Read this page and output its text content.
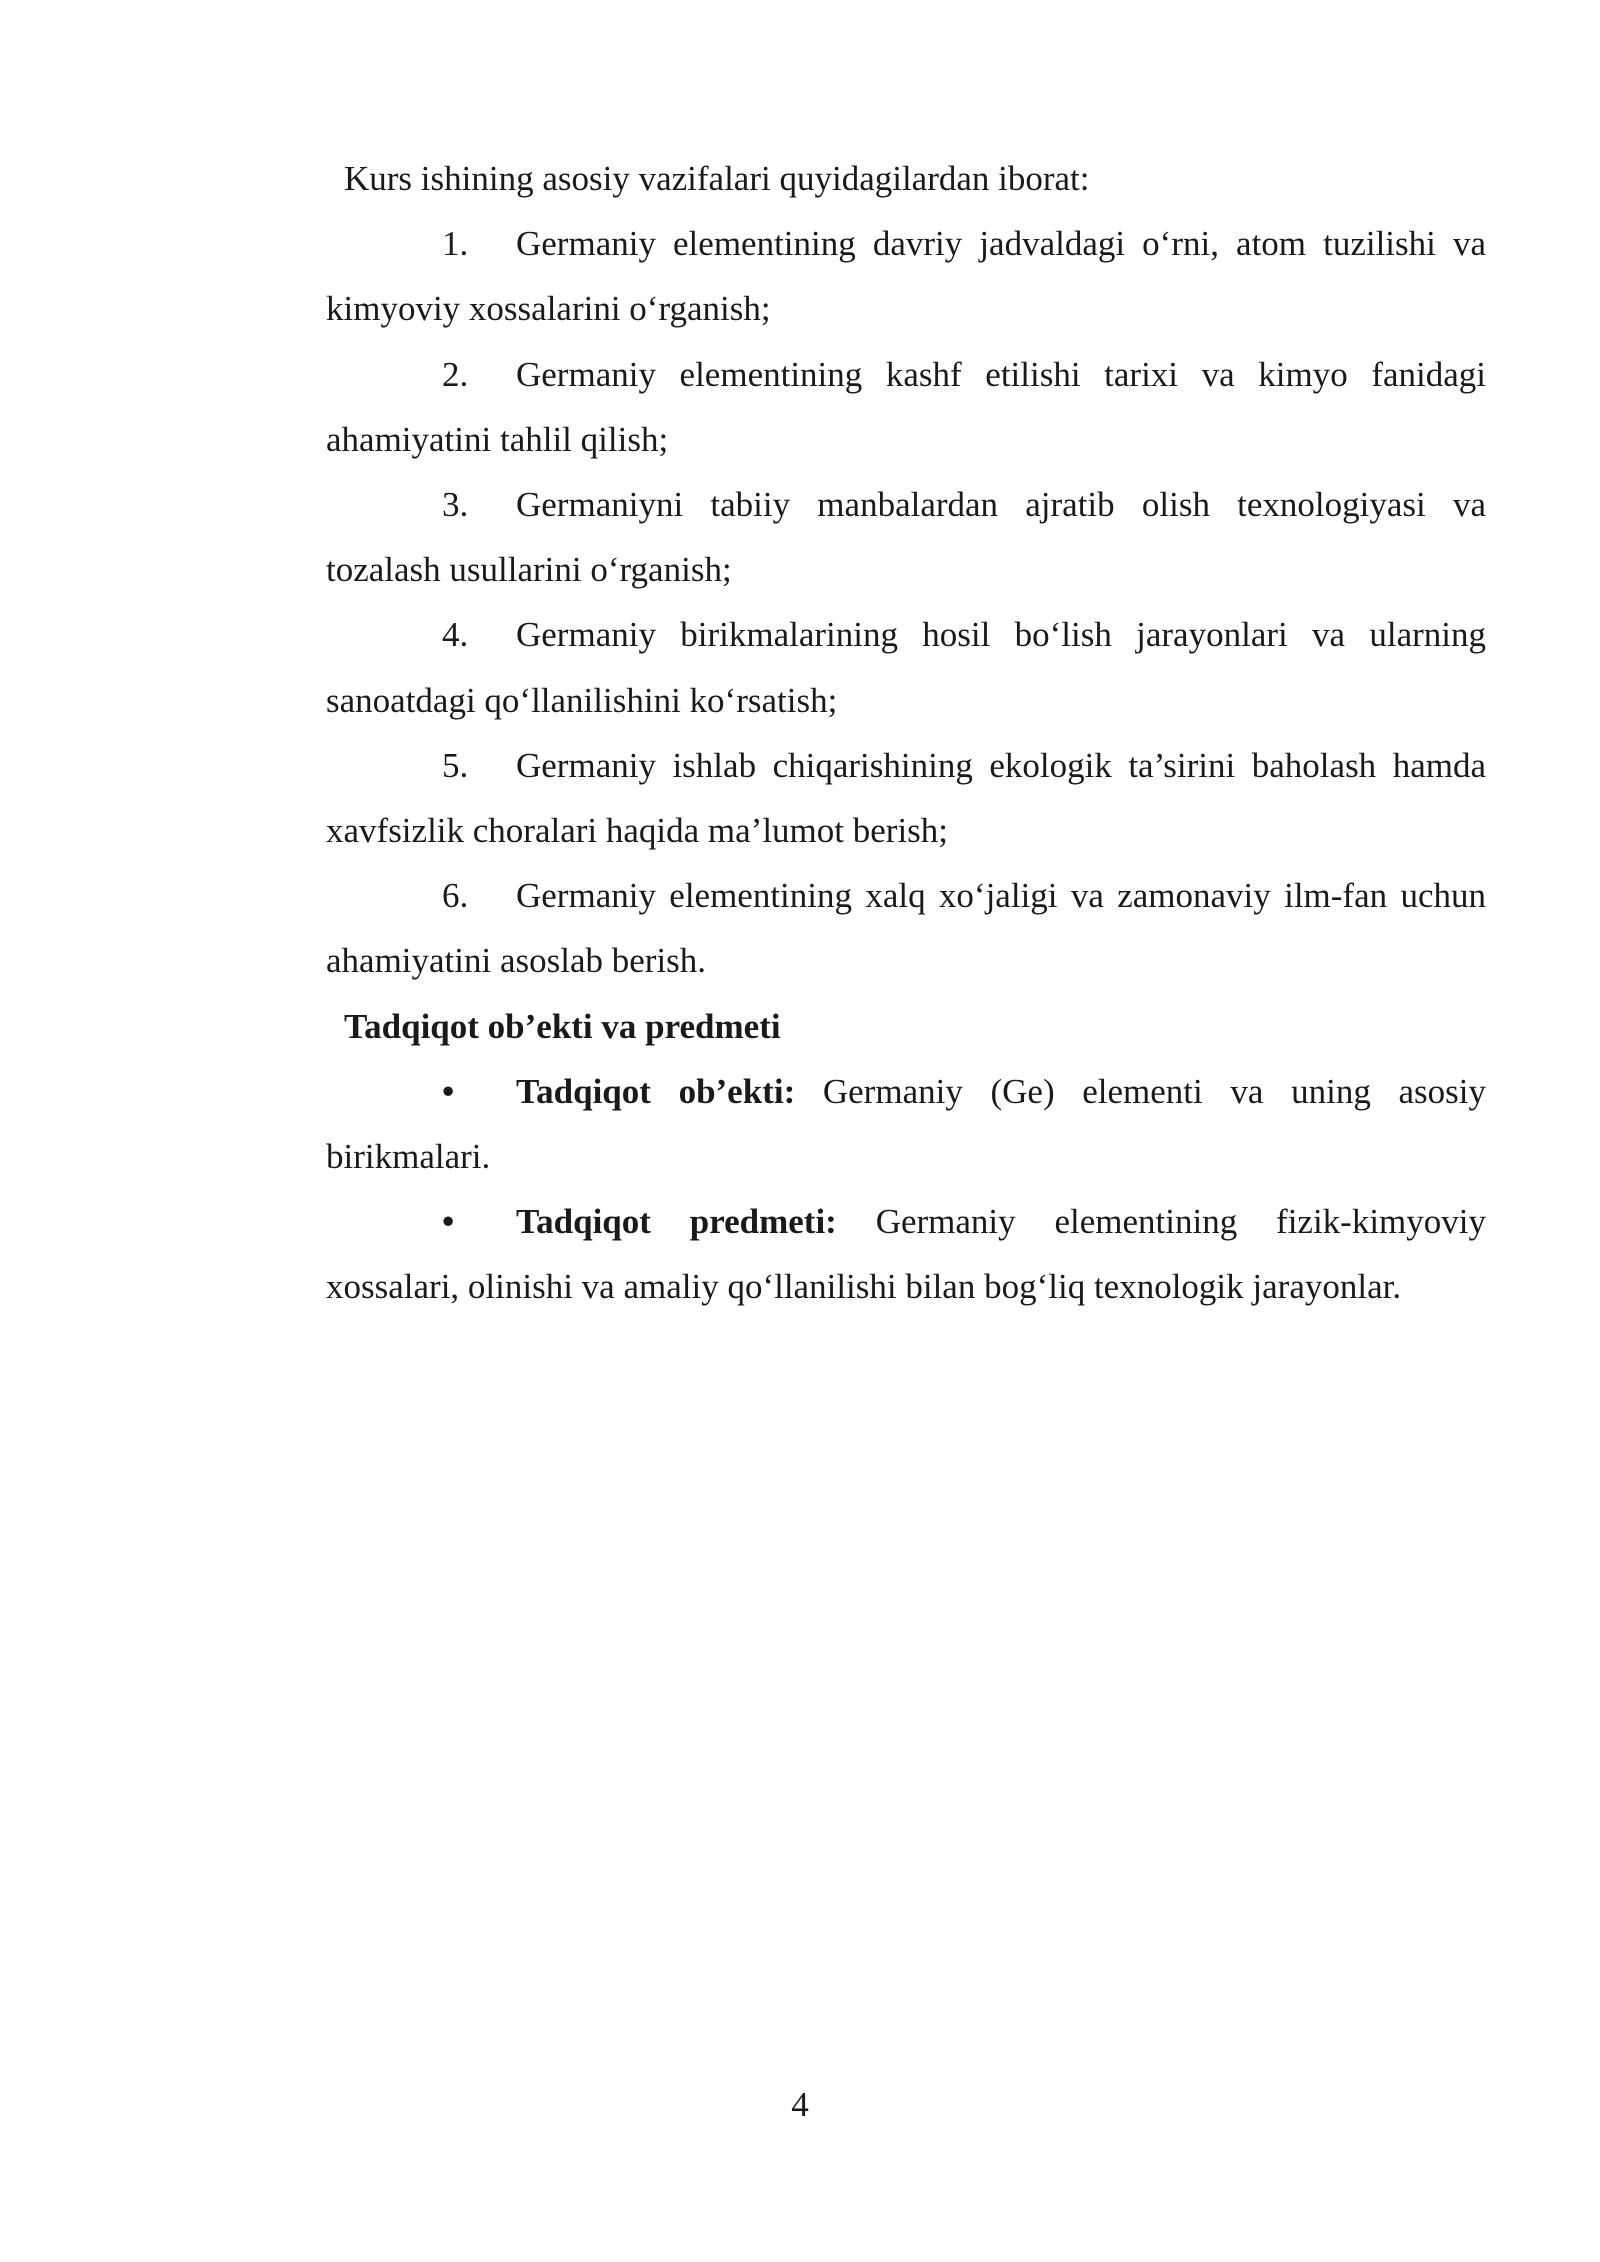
Kurs ishining asosiy vazifalari quyidagilardan iborat:

1. Germaniy elementining davriy jadvaldagi o‘rni, atom tuzilishi va kimyoviy xossalarini o‘rganish;

2. Germaniy elementining kashf etilishi tarixi va kimyo fanidagi ahamiyatini tahlil qilish;

3. Germaniyni tabiiy manbalardan ajratib olish texnologiyasi va tozalash usullarini o‘rganish;

4. Germaniy birikmalarining hosil bo‘lish jarayonlari va ularning sanoatdagi qo‘llanilishini ko‘rsatish;

5. Germaniy ishlab chiqarishining ekologik ta’sirini baholash hamda xavfsizlik choralari haqida ma’lumot berish;

6. Germaniy elementining xalq xo‘jaligi va zamonaviy ilm-fan uchun ahamiyatini asoslab berish.

Tadqiqot ob’ekti va predmeti

• Tadqiqot ob’ekti: Germaniy (Ge) elementi va uning asosiy birikmalari.

• Tadqiqot predmeti: Germaniy elementining fizik-kimyoviy xossalari, olinishi va amaliy qo‘llanilishi bilan bog‘liq texnologik jarayonlar.

4
